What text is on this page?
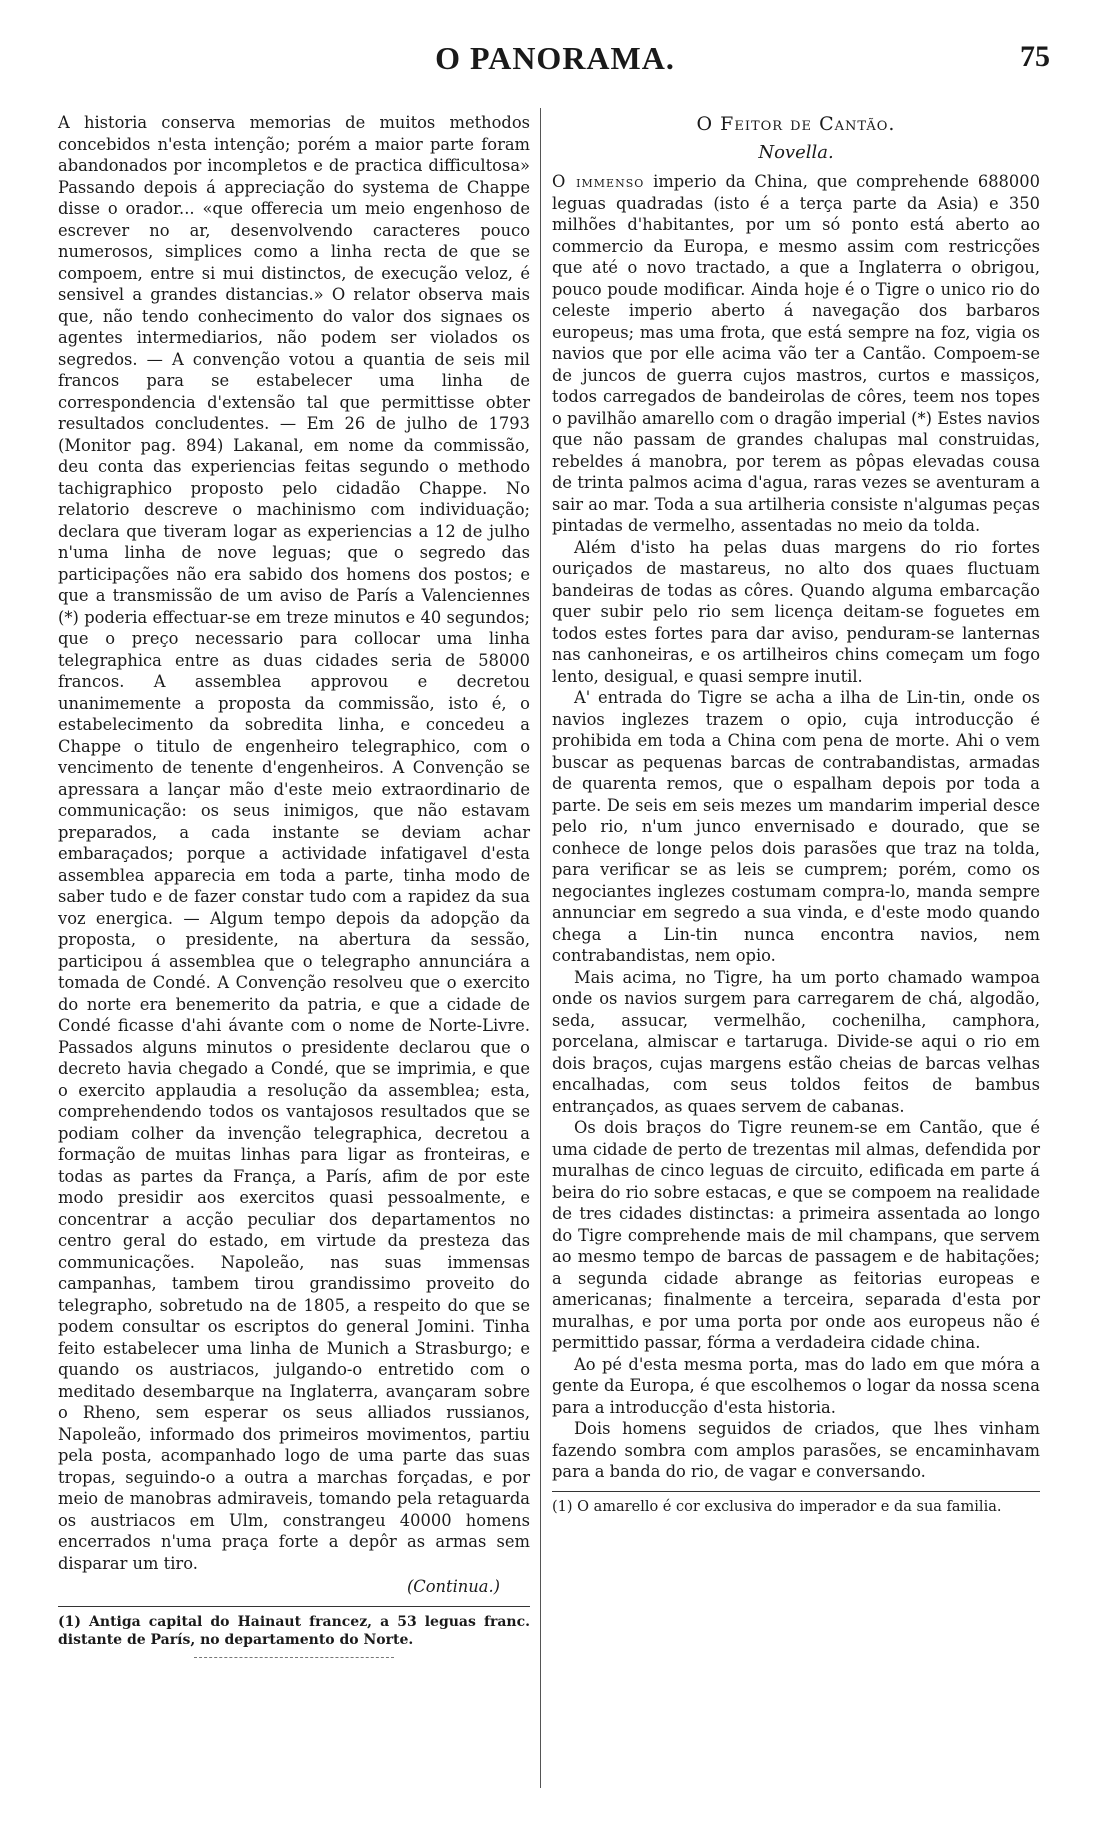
O PANORAMA.	75

A historia conserva memorias de muitos methodos concebidos n'esta intenção; porém a maior parte foram abandonados por incompletos e de practica difficultosa» Passando depois á appreciação do systema de Chappe disse o orador... «que offerecia um meio engenhoso de escrever no ar, desenvolvendo caracteres pouco numerosos, simplices como a linha recta de que se compoem, entre si mui distinctos, de execução veloz, é sensivel a grandes distancias.» O relator observa mais que, não tendo conhecimento do valor dos signaes os agentes intermediarios, não podem ser violados os segredos. — A convenção votou a quantia de seis mil francos para se estabelecer uma linha de correspondencia d'extensão tal que permittisse obter resultados concludentes. — Em 26 de julho de 1793 (Monitor pag. 894) Lakanal, em nome da commissão, deu conta das experiencias feitas segundo o methodo tachigraphico proposto pelo cidadão Chappe. No relatorio descreve o machinismo com individuação; declara que tiveram logar as experiencias a 12 de julho n'uma linha de nove leguas; que o segredo das participações não era sabido dos homens dos postos; e que a transmissão de um aviso de París a Valenciennes (*) poderia effectuar-se em treze minutos e 40 segundos; que o preço necessario para collocar uma linha telegraphica entre as duas cidades seria de 58000 francos. A assemblea approvou e decretou unanimemente a proposta da commissão, isto é, o estabelecimento da sobredita linha, e concedeu a Chappe o titulo de engenheiro telegraphico, com o vencimento de tenente d'engenheiros. A Convenção se apressara a lançar mão d'este meio extraordinario de communicação: os seus inimigos, que não estavam preparados, a cada instante se deviam achar embaraçados; porque a actividade infatigavel d'esta assemblea apparecia em toda a parte, tinha modo de saber tudo e de fazer constar tudo com a rapidez da sua voz energica. — Algum tempo depois da adopção da proposta, o presidente, na abertura da sessão, participou á assemblea que o telegrapho annunciára a tomada de Condé. A Convenção resolveu que o exercito do norte era benemerito da patria, e que a cidade de Condé ficasse d'ahi ávante com o nome de Norte-Livre. Passados alguns minutos o presidente declarou que o decreto havia chegado a Condé, que se imprimia, e que o exercito applaudia a resolução da assemblea; esta, comprehendendo todos os vantajosos resultados que se podiam colher da invenção telegraphica, decretou a formação de muitas linhas para ligar as fronteiras, e todas as partes da França, a París, afim de por este modo presidir aos exercitos quasi pessoalmente, e concentrar a acção peculiar dos departamentos no centro geral do estado, em virtude da presteza das communicações. Napoleão, nas suas immensas campanhas, tambem tirou grandissimo proveito do telegrapho, sobretudo na de 1805, a respeito do que se podem consultar os escriptos do general Jomini. Tinha feito estabelecer uma linha de Munich a Strasburgo; e quando os austriacos, julgando-o entretido com o meditado desembarque na Inglaterra, avançaram sobre o Rheno, sem esperar os seus alliados russianos, Napoleão, informado dos primeiros movimentos, partiu pela posta, acompanhado logo de uma parte das suas tropas, seguindo-o a outra a marchas forçadas, e por meio de manobras admiraveis, tomando pela retaguarda os austriacos em Ulm, constrangeu 40000 homens encerrados n'uma praça forte a depôr as armas sem disparar um tiro.

(Continua.)

(1) Antiga capital do Hainaut francez, a 53 leguas franc. distante de París, no departamento do Norte.

O Feitor de Cantão.
Novella.

O immenso imperio da China, que comprehende 688000 leguas quadradas (isto é a terça parte da Asia) e 350 milhões d'habitantes, por um só ponto está aberto ao commercio da Europa, e mesmo assim com restricções que até o novo tractado, a que a Inglaterra o obrigou, pouco poude modificar. Ainda hoje é o Tigre o unico rio do celeste imperio aberto á navegação dos barbaros europeus; mas uma frota, que está sempre na foz, vigia os navios que por elle acima vão ter a Cantão. Compoem-se de juncos de guerra cujos mastros, curtos e massiços, todos carregados de bandeirolas de côres, teem nos topes o pavilhão amarello com o dragão imperial (*) Estes navios que não passam de grandes chalupas mal construidas, rebeldes á manobra, por terem as pôpas elevadas cousa de trinta palmos acima d'agua, raras vezes se aventuram a sair ao mar. Toda a sua artilheria consiste n'algumas peças pintadas de vermelho, assentadas no meio da tolda.

Além d'isto ha pelas duas margens do rio fortes ouriçados de mastareus, no alto dos quaes fluctuam bandeiras de todas as côres. Quando alguma embarcação quer subir pelo rio sem licença deitam-se foguetes em todos estes fortes para dar aviso, penduram-se lanternas nas canhoneiras, e os artilheiros chins começam um fogo lento, desigual, e quasi sempre inutil.

A' entrada do Tigre se acha a ilha de Lin-tin, onde os navios inglezes trazem o opio, cuja introducção é prohibida em toda a China com pena de morte. Ahi o vem buscar as pequenas barcas de contrabandistas, armadas de quarenta remos, que o espalham depois por toda a parte. De seis em seis mezes um mandarim imperial desce pelo rio, n'um junco envernisado e dourado, que se conhece de longe pelos dois parasões que traz na tolda, para verificar se as leis se cumprem; porém, como os negociantes inglezes costumam compra-lo, manda sempre annunciar em segredo a sua vinda, e d'este modo quando chega a Lin-tin nunca encontra navios, nem contrabandistas, nem opio.

Mais acima, no Tigre, ha um porto chamado wampoa onde os navios surgem para carregarem de chá, algodão, seda, assucar, vermelhão, cochenilha, camphora, porcelana, almiscar e tartaruga. Divide-se aqui o rio em dois braços, cujas margens estão cheias de barcas velhas encalhadas, com seus toldos feitos de bambus entrançados, as quaes servem de cabanas.

Os dois braços do Tigre reunem-se em Cantão, que é uma cidade de perto de trezentas mil almas, defendida por muralhas de cinco leguas de circuito, edificada em parte á beira do rio sobre estacas, e que se compoem na realidade de tres cidades distinctas: a primeira assentada ao longo do Tigre comprehende mais de mil champans, que servem ao mesmo tempo de barcas de passagem e de habitações; a segunda cidade abrange as feitorias europeas e americanas; finalmente a terceira, separada d'esta por muralhas, e por uma porta por onde aos europeus não é permittido passar, fórma a verdadeira cidade china.

Ao pé d'esta mesma porta, mas do lado em que móra a gente da Europa, é que escolhemos o logar da nossa scena para a introducção d'esta historia.

Dois homens seguidos de criados, que lhes vinham fazendo sombra com amplos parasões, se encaminhavam para a banda do rio, de vagar e conversando.

(1) O amarello é cor exclusiva do imperador e da sua familia.
